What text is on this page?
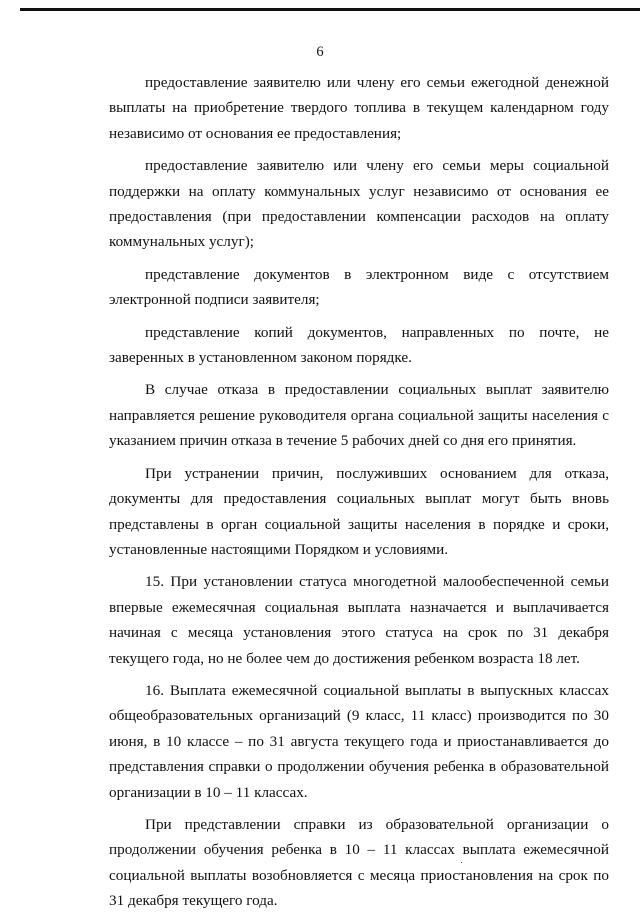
6

предоставление заявителю или члену его семьи ежегодной денежной выплаты на приобретение твердого топлива в текущем календарном году независимо от основания ее предоставления;

предоставление заявителю или члену его семьи меры социальной поддержки на оплату коммунальных услуг независимо от основания ее предоставления (при предоставлении компенсации расходов на оплату коммунальных услуг);

представление документов в электронном виде с отсутствием электронной подписи заявителя;

представление копий документов, направленных по почте, не заверенных в установленном законом порядке.

В случае отказа в предоставлении социальных выплат заявителю направляется решение руководителя органа социальной защиты населения с указанием причин отказа в течение 5 рабочих дней со дня его принятия.

При устранении причин, послуживших основанием для отказа, документы для предоставления социальных выплат могут быть вновь представлены в орган социальной защиты населения в порядке и сроки, установленные настоящими Порядком и условиями.

15. При установлении статуса многодетной малообеспеченной семьи впервые ежемесячная социальная выплата назначается и выплачивается начиная с месяца установления этого статуса на срок по 31 декабря текущего года, но не более чем до достижения ребенком возраста 18 лет.

16. Выплата ежемесячной социальной выплаты в выпускных классах общеобразовательных организаций (9 класс, 11 класс) производится по 30 июня, в 10 классе – по 31 августа текущего года и приостанавливается до представления справки о продолжении обучения ребенка в образовательной организации в 10 – 11 классах.

При представлении справки из образовательной организации о продолжении обучения ребенка в 10 – 11 классах выплата ежемесячной социальной выплаты возобновляется с месяца приостановления на срок по 31 декабря текущего года.
